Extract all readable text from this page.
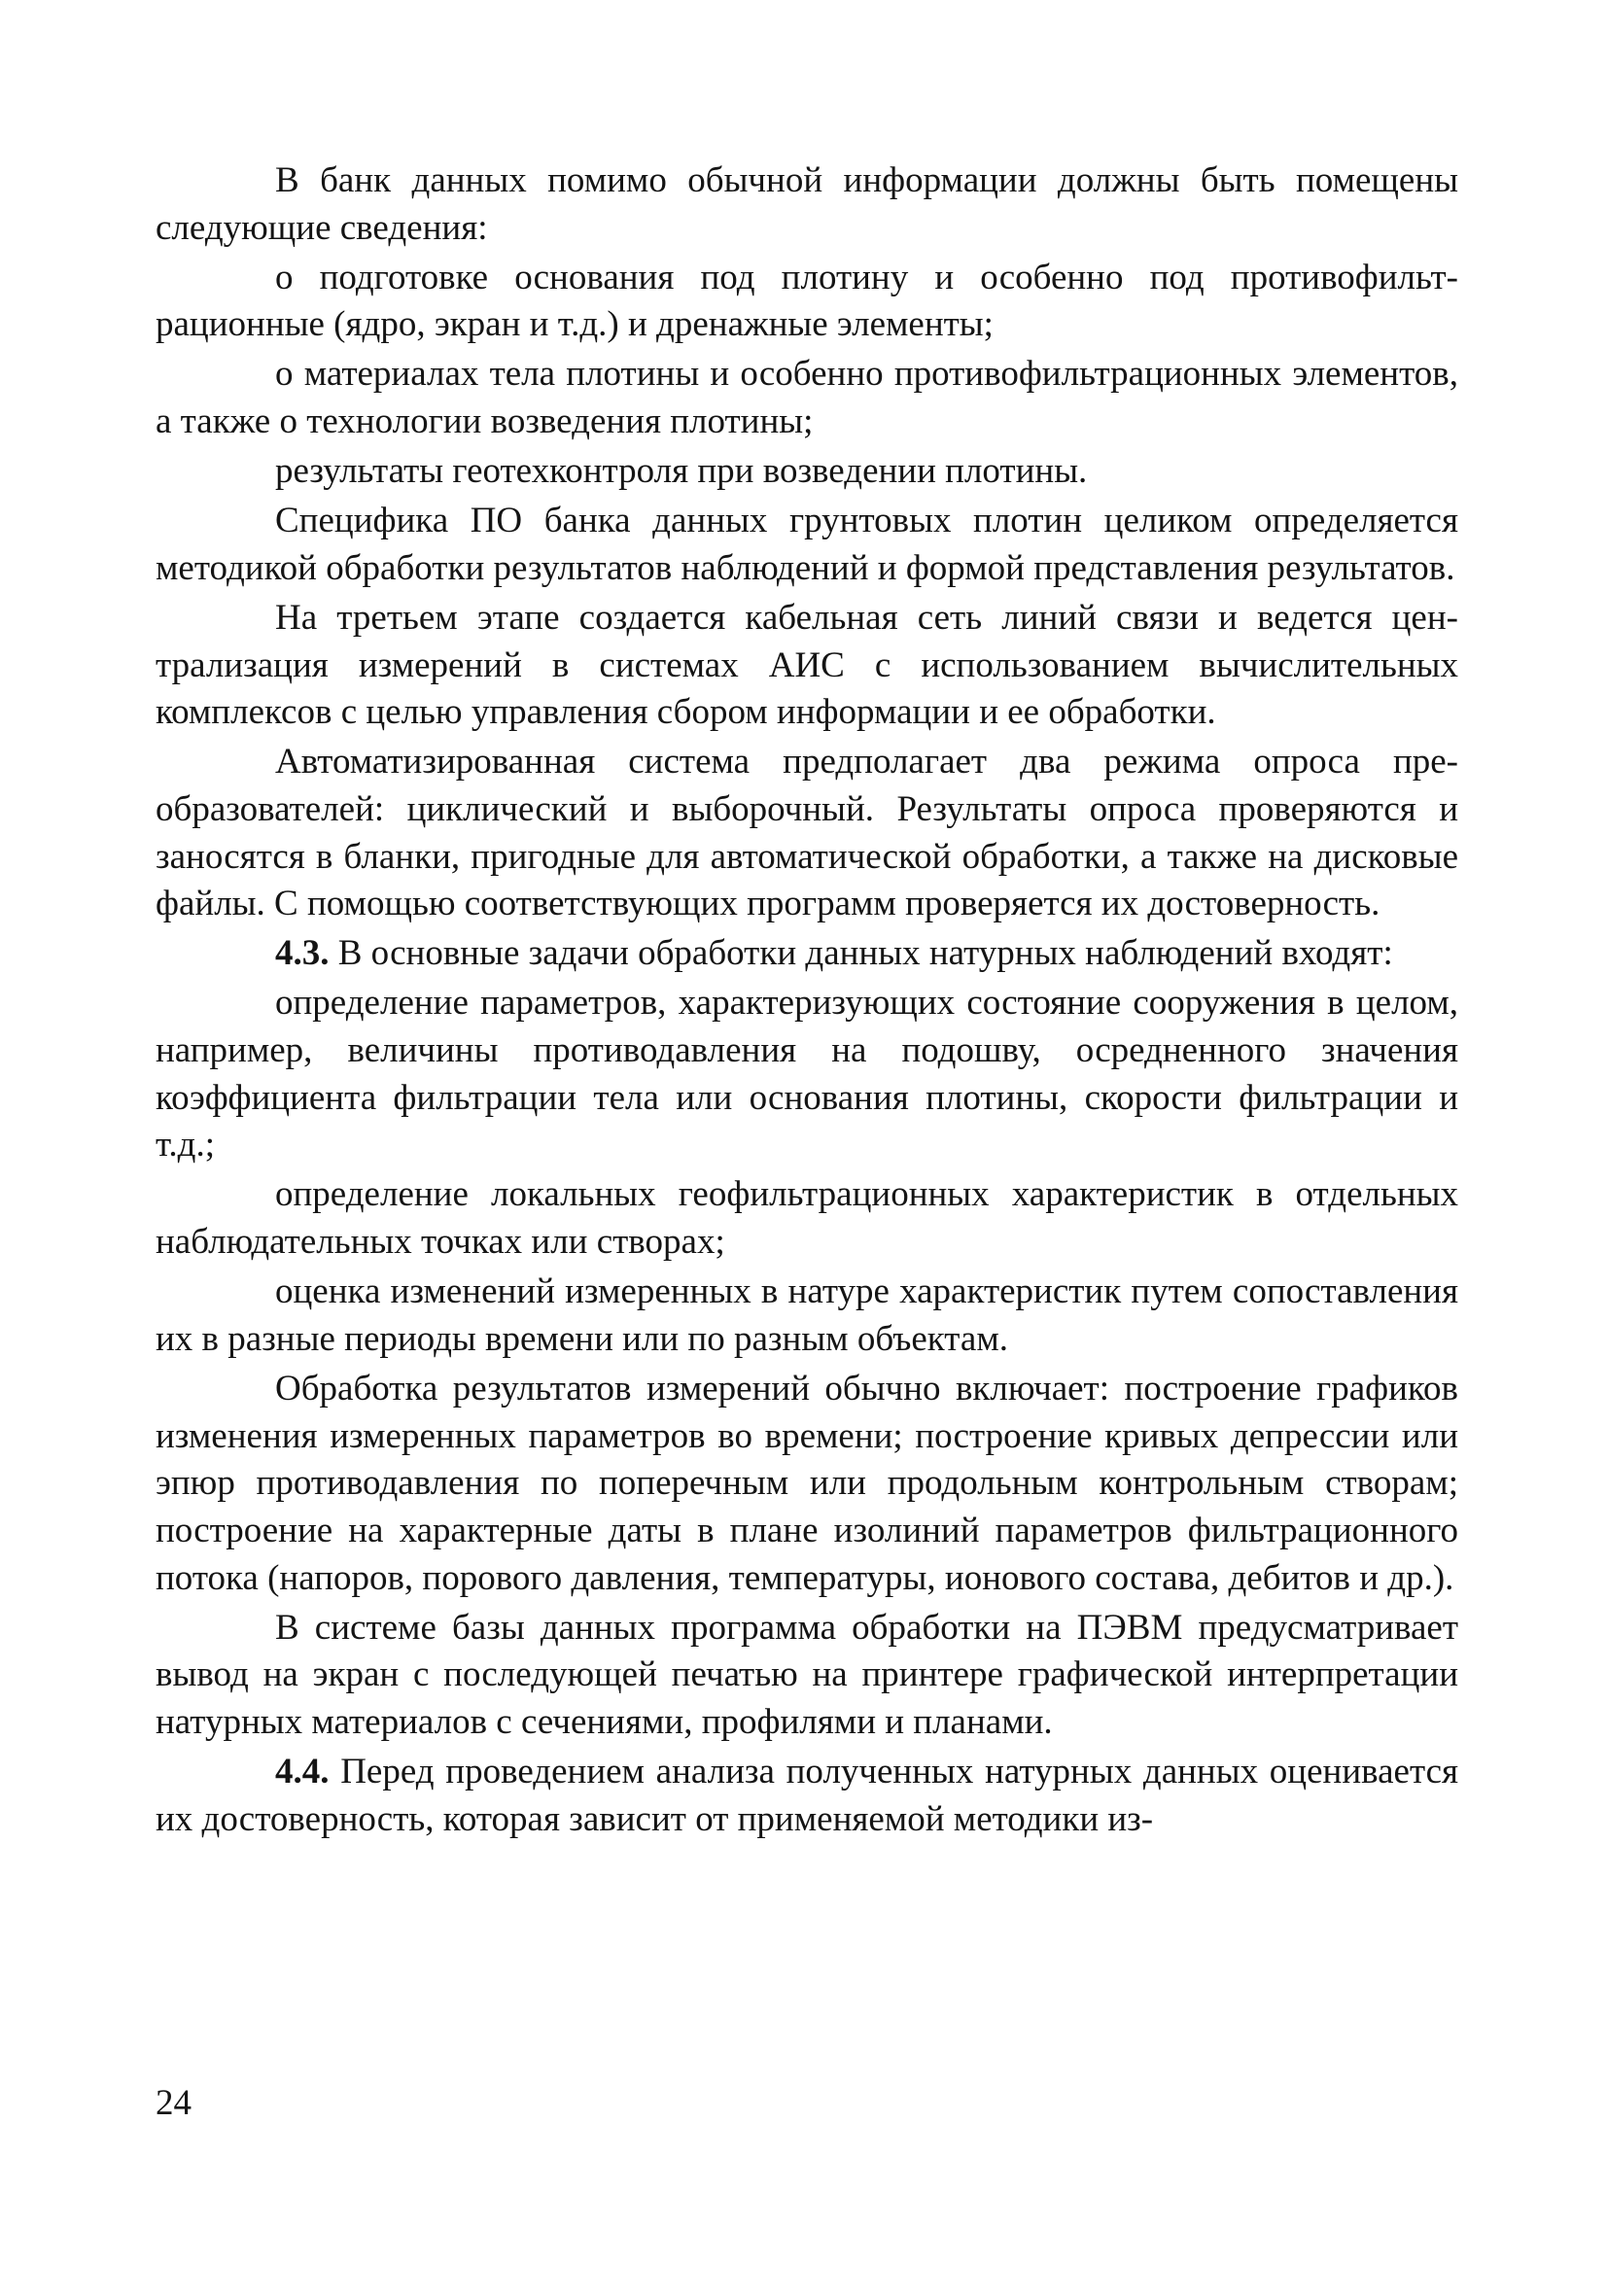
В банк данных помимо обычной информации должны быть помещены следующие сведения:

о подготовке основания под плотину и особенно под противофильтрационные (ядро, экран и т.д.) и дренажные элементы;

о материалах тела плотины и особенно противофильтрационных элементов, а также о технологии возведения плотины;

результаты геотехконтроля при возведении плотины.

Специфика ПО банка данных грунтовых плотин целиком определяется методикой обработки результатов наблюдений и формой представления результатов.

На третьем этапе создается кабельная сеть линий связи и ведется централизация измерений в системах АИС с использованием вычислительных комплексов с целью управления сбором информации и ее обработки.

Автоматизированная система предполагает два режима опроса преобразователей: циклический и выборочный. Результаты опроса проверяются и заносятся в бланки, пригодные для автоматической обработки, а также на дисковые файлы. С помощью соответствующих программ проверяется их достоверность.

4.3. В основные задачи обработки данных натурных наблюдений входят:

определение параметров, характеризующих состояние сооружения в целом, например, величины противодавления на подошву, осредненного значения коэффициента фильтрации тела или основания плотины, скорости фильтрации и т.д.;

определение локальных геофильтрационных характеристик в отдельных наблюдательных точках или створах;

оценка изменений измеренных в натуре характеристик путем сопоставления их в разные периоды времени или по разным объектам.

Обработка результатов измерений обычно включает: построение графиков изменения измеренных параметров во времени; построение кривых депрессии или эпюр противодавления по поперечным или продольным контрольным створам; построение на характерные даты в плане изолиний параметров фильтрационного потока (напоров, порового давления, температуры, ионового состава, дебитов и др.).

В системе базы данных программа обработки на ПЭВМ предусматривает вывод на экран с последующей печатью на принтере графической интерпретации натурных материалов с сечениями, профилями и планами.

4.4. Перед проведением анализа полученных натурных данных оценивается их достоверность, которая зависит от применяемой методики из-

24
